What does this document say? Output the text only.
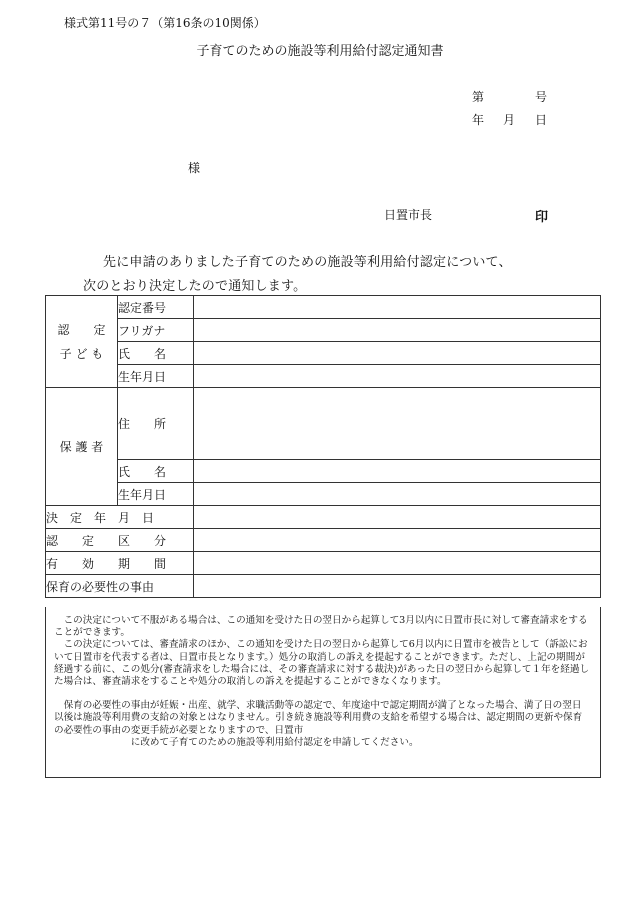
様式第11号の７（第16条の10関係）
子育てのための施設等利用給付認定通知書
第	号
年 月 日
様
日置市長	印
先に申請のありました子育てのための施設等利用給付認定について、
次のとおり決定したので通知します。
認　　定
子 ど も	認定番号	
	フリガナ	
	氏　　名	
	生年月日	
保 護 者	住　　所	
	氏　　名	
	生年月日	
決　定　年　月　日		
認　　定　　区　　分		
有　　効　　期　　間		
保育の必要性の事由		

　この決定について不服がある場合は、この通知を受けた日の翌日から起算して3月以内に日置市長に対して審査請求をすることができます。

　この決定については、審査請求のほか、この通知を受けた日の翌日から起算して6月以内に日置市を被告として（訴訟において日置市を代表する者は、日置市長となります。）処分の取消しの訴えを提起することができます。ただし、上記の期間が経過する前に、この処分(審査請求をした場合には、その審査請求に対する裁決)があった日の翌日から起算して１年を経過した場合は、審査請求をすることや処分の取消しの訴えを提起することができなくなります。

　保育の必要性の事由が妊娠・出産、就学、求職活動等の認定で、年度途中で認定期間が満了となった場合、満了日の翌日以後は施設等利用費の支給の対象とはなりません。引き続き施設等利用費の支給を希望する場合は、認定期間の更新や保育の必要性の事由の変更手続が必要となりますので、日置市
　　　　　　　　に改めて子育てのための施設等利用給付認定を申請してください。
